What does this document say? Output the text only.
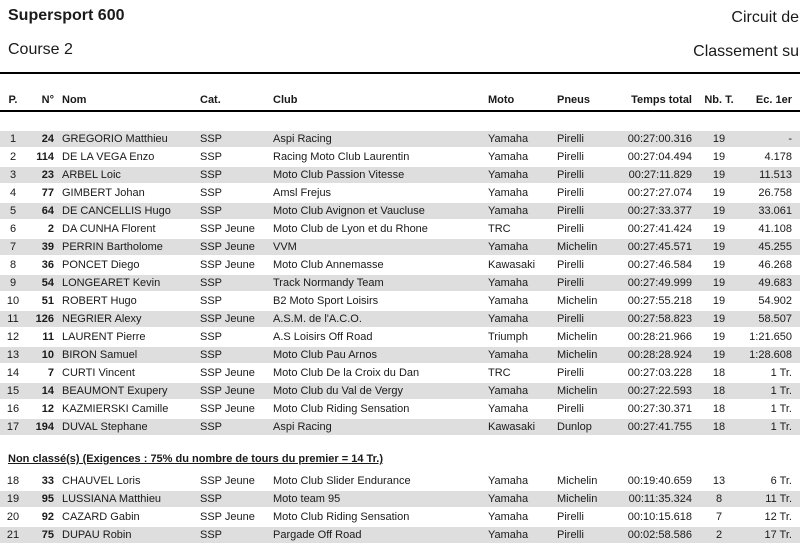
Supersport 600
Course 2
Circuit de
Classement su
P.	N° Nom	Cat.	Club	Moto	Pneus	Temps total	Nb. T.	Ec. 1er
1	24 GREGORIO Matthieu	SSP	Aspi Racing	Yamaha	Pirelli	00:27:00.316	19	-
2	114 DE LA VEGA Enzo	SSP	Racing Moto Club Laurentin	Yamaha	Pirelli	00:27:04.494	19	4.178
3	23 ARBEL Loic	SSP	Moto Club Passion Vitesse	Yamaha	Pirelli	00:27:11.829	19	11.513
4	77 GIMBERT Johan	SSP	Amsl Frejus	Yamaha	Pirelli	00:27:27.074	19	26.758
5	64 DE CANCELLIS Hugo	SSP	Moto Club Avignon et Vaucluse	Yamaha	Pirelli	00:27:33.377	19	33.061
6	2 DA CUNHA Florent	SSP Jeune	Moto Club de Lyon et du Rhone	TRC	Pirelli	00:27:41.424	19	41.108
7	39 PERRIN Bartholome	SSP Jeune	VVM	Yamaha	Michelin	00:27:45.571	19	45.255
8	36 PONCET Diego	SSP Jeune	Moto Club Annemasse	Kawasaki	Pirelli	00:27:46.584	19	46.268
9	54 LONGEARET Kevin	SSP	Track Normandy Team	Yamaha	Pirelli	00:27:49.999	19	49.683
10	51 ROBERT Hugo	SSP	B2 Moto Sport Loisirs	Yamaha	Michelin	00:27:55.218	19	54.902
11	126 NEGRIER Alexy	SSP Jeune	A.S.M. de l'A.C.O.	Yamaha	Pirelli	00:27:58.823	19	58.507
12	11 LAURENT Pierre	SSP	A.S Loisirs Off Road	Triumph	Michelin	00:28:21.966	19	1:21.650
13	10 BIRON Samuel	SSP	Moto Club Pau Arnos	Yamaha	Michelin	00:28:28.924	19	1:28.608
14	7 CURTI Vincent	SSP Jeune	Moto Club De la Croix du Dan	TRC	Pirelli	00:27:03.228	18	1 Tr.
15	14 BEAUMONT Exupery	SSP Jeune	Moto Club du Val de Vergy	Yamaha	Michelin	00:27:22.593	18	1 Tr.
16	12 KAZMIERSKI Camille	SSP Jeune	Moto Club Riding Sensation	Yamaha	Pirelli	00:27:30.371	18	1 Tr.
17	194 DUVAL Stephane	SSP	Aspi Racing	Kawasaki	Dunlop	00:27:41.755	18	1 Tr.
Non classé(s) (Exigences : 75% du nombre de tours du premier = 14 Tr.)
18	33 CHAUVEL Loris	SSP Jeune	Moto Club Slider Endurance	Yamaha	Michelin	00:19:40.659	13	6 Tr.
19	95 LUSSIANA Matthieu	SSP	Moto team 95	Yamaha	Michelin	00:11:35.324	8	11 Tr.
20	92 CAZARD Gabin	SSP Jeune	Moto Club Riding Sensation	Yamaha	Pirelli	00:10:15.618	7	12 Tr.
21	75 DUPAU Robin	SSP	Pargade Off Road	Yamaha	Pirelli	00:02:58.586	2	17 Tr.
